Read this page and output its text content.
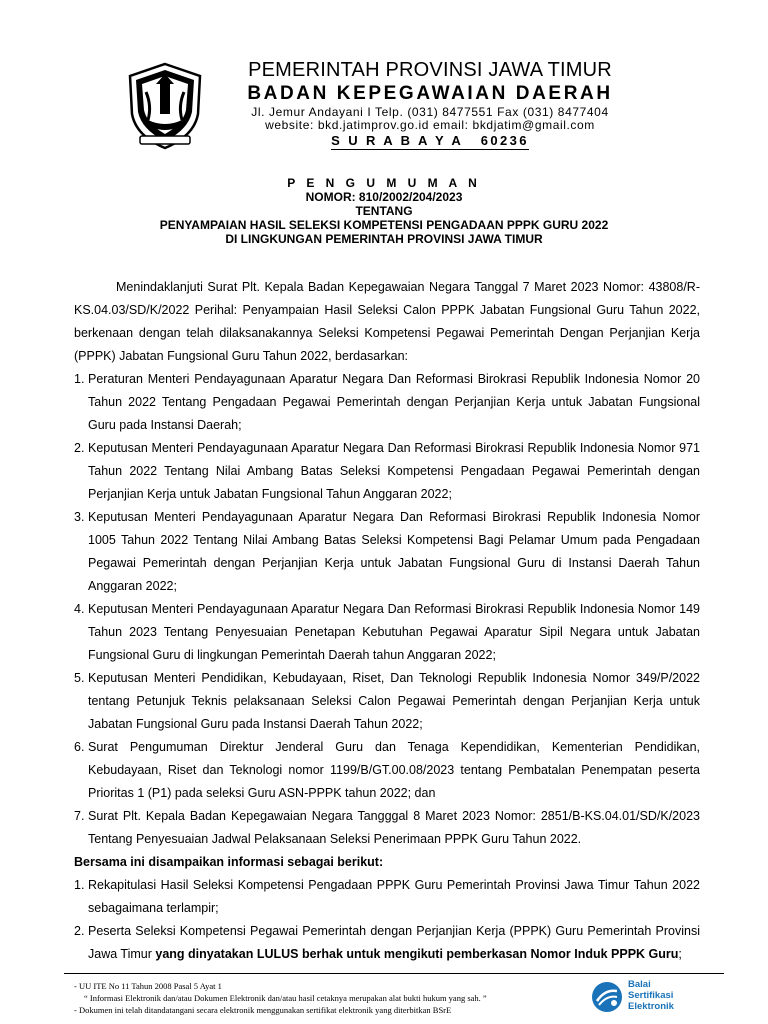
PEMERINTAH PROVINSI JAWA TIMUR
BADAN KEPEGAWAIAN DAERAH
Jl. Jemur Andayani I Telp. (031) 8477551 Fax (031) 8477404
website: bkd.jatimprov.go.id email: bkdjatim@gmail.com
S U R A B A Y A   60236
P E N G U M U M A N
NOMOR: 810/2002/204/2023
TENTANG
PENYAMPAIAN HASIL SELEKSI KOMPETENSI PENGADAAN PPPK GURU 2022
DI LINGKUNGAN PEMERINTAH PROVINSI JAWA TIMUR

Menindaklanjuti Surat Plt. Kepala Badan Kepegawaian Negara Tanggal 7 Maret 2023 Nomor: 43808/R-KS.04.03/SD/K/2022 Perihal: Penyampaian Hasil Seleksi Calon PPPK Jabatan Fungsional Guru Tahun 2022, berkenaan dengan telah dilaksanakannya Seleksi Kompetensi Pegawai Pemerintah Dengan Perjanjian Kerja (PPPK) Jabatan Fungsional Guru Tahun 2022, berdasarkan:

1. Peraturan Menteri Pendayagunaan Aparatur Negara Dan Reformasi Birokrasi Republik Indonesia Nomor 20 Tahun 2022 Tentang Pengadaan Pegawai Pemerintah dengan Perjanjian Kerja untuk Jabatan Fungsional Guru pada Instansi Daerah;
2. Keputusan Menteri Pendayagunaan Aparatur Negara Dan Reformasi Birokrasi Republik Indonesia Nomor 971 Tahun 2022 Tentang Nilai Ambang Batas Seleksi Kompetensi Pengadaan Pegawai Pemerintah dengan Perjanjian Kerja untuk Jabatan Fungsional Tahun Anggaran 2022;
3. Keputusan Menteri Pendayagunaan Aparatur Negara Dan Reformasi Birokrasi Republik Indonesia Nomor 1005 Tahun 2022 Tentang Nilai Ambang Batas Seleksi Kompetensi Bagi Pelamar Umum pada Pengadaan Pegawai Pemerintah dengan Perjanjian Kerja untuk Jabatan Fungsional Guru di Instansi Daerah Tahun Anggaran 2022;
4. Keputusan Menteri Pendayagunaan Aparatur Negara Dan Reformasi Birokrasi Republik Indonesia Nomor 149 Tahun 2023 Tentang Penyesuaian Penetapan Kebutuhan Pegawai Aparatur Sipil Negara untuk Jabatan Fungsional Guru di lingkungan Pemerintah Daerah tahun Anggaran 2022;
5. Keputusan Menteri Pendidikan, Kebudayaan, Riset, Dan Teknologi Republik Indonesia Nomor 349/P/2022 tentang Petunjuk Teknis pelaksanaan Seleksi Calon Pegawai Pemerintah dengan Perjanjian Kerja untuk Jabatan Fungsional Guru pada Instansi Daerah Tahun 2022;
6. Surat Pengumuman Direktur Jenderal Guru dan Tenaga Kependidikan, Kementerian Pendidikan, Kebudayaan, Riset dan Teknologi nomor 1199/B/GT.00.08/2023 tentang Pembatalan Penempatan peserta Prioritas 1 (P1) pada seleksi Guru ASN-PPPK tahun 2022; dan
7. Surat Plt. Kepala Badan Kepegawaian Negara Tangggal 8 Maret 2023 Nomor: 2851/B-KS.04.01/SD/K/2023 Tentang Penyesuaian Jadwal Pelaksanaan Seleksi Penerimaan PPPK Guru Tahun 2022.

Bersama ini disampaikan informasi sebagai berikut:

1. Rekapitulasi Hasil Seleksi Kompetensi Pengadaan PPPK Guru Pemerintah Provinsi Jawa Timur Tahun 2022 sebagaimana terlampir;
2. Peserta Seleksi Kompetensi Pegawai Pemerintah dengan Perjanjian Kerja (PPPK) Guru Pemerintah Provinsi Jawa Timur yang dinyatakan LULUS berhak untuk mengikuti pemberkasan Nomor Induk PPPK Guru;
- UU ITE No 11 Tahun 2008 Pasal 5 Ayat 1
“ Informasi Elektronik dan/atau Dokumen Elektronik dan/atau hasil cetaknya merupakan alat bukti hukum yang sah. ”
- Dokumen ini telah ditandatangani secara elektronik menggunakan sertifikat elektronik yang diterbitkan BSrE
Balai
Sertifikasi
Elektronik
